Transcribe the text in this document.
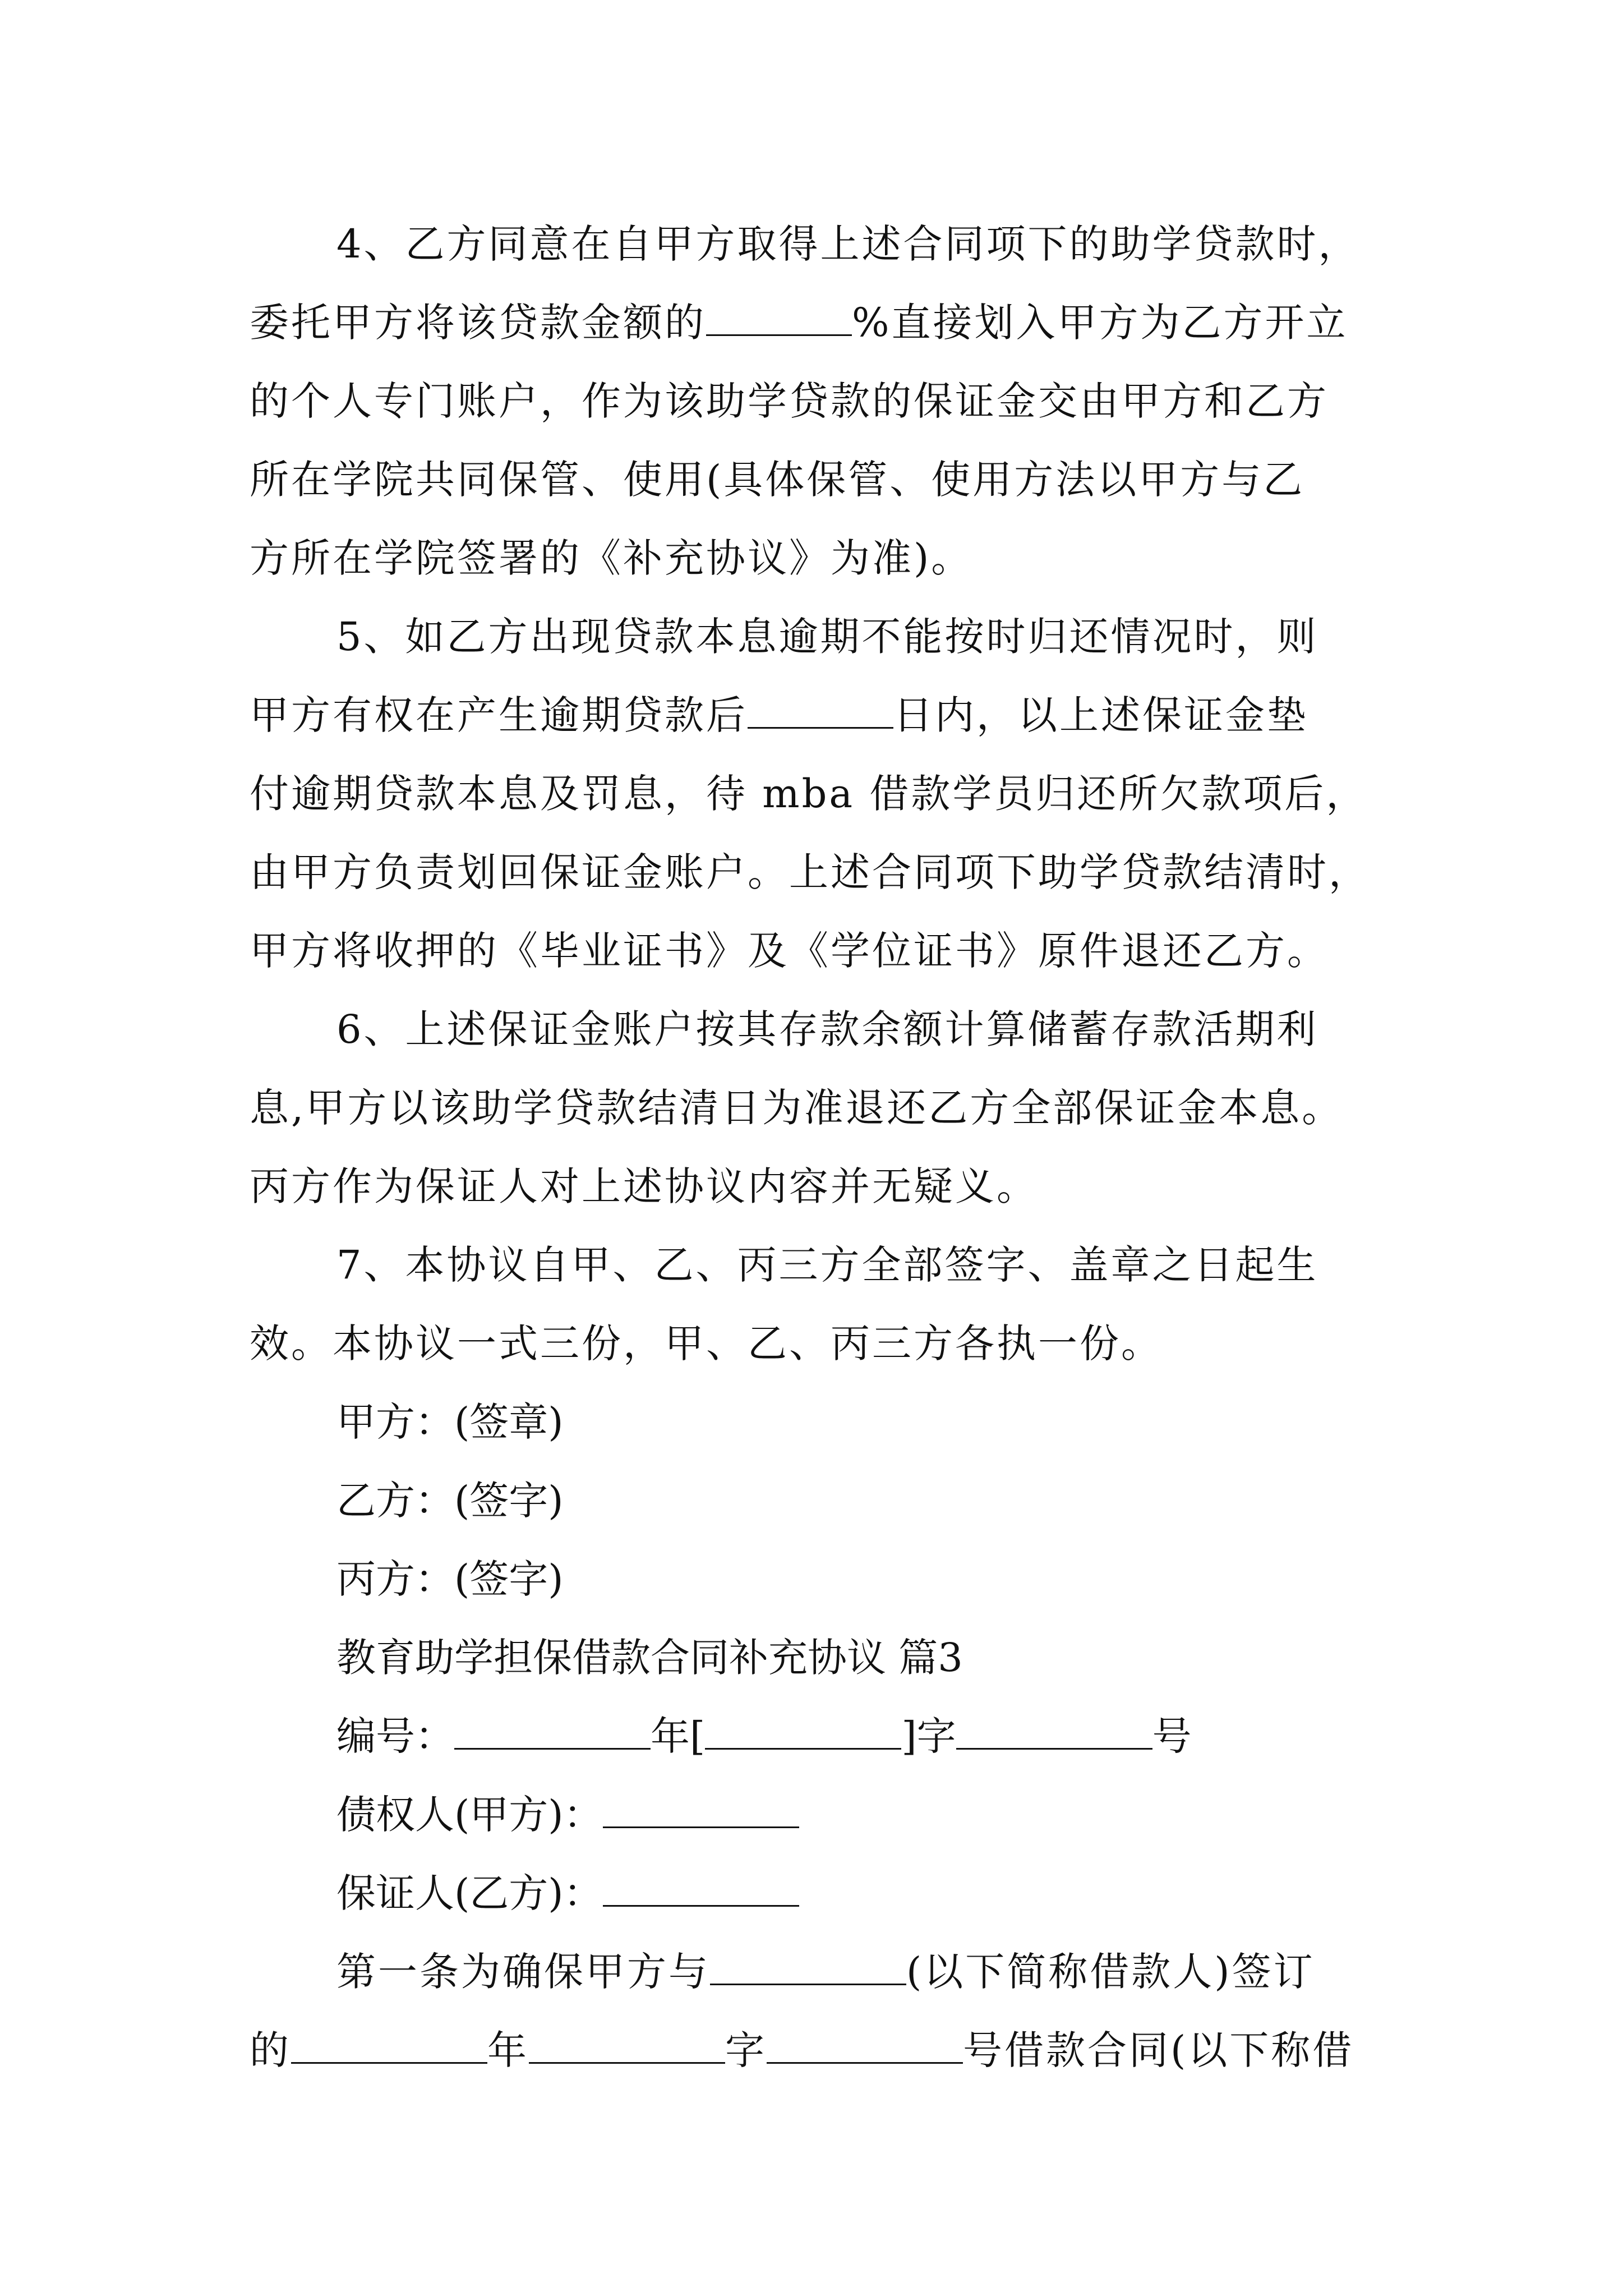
4、乙方同意在自甲方取得上述合同项下的助学贷款时，
委托甲方将该贷款金额的	%直接划入甲方为乙方开立
的个人专门账户，作为该助学贷款的保证金交由甲方和乙方
所在学院共同保管、使用(具体保管、使用方法以甲方与乙
方所在学院签署的《补充协议》为准)。
5、如乙方出现贷款本息逾期不能按时归还情况时，则
甲方有权在产生逾期贷款后	日内，以上述保证金垫
付逾期贷款本息及罚息，待 mba 借款学员归还所欠款项后，
由甲方负责划回保证金账户。上述合同项下助学贷款结清时，
甲方将收押的《毕业证书》及《学位证书》原件退还乙方。
6、上述保证金账户按其存款余额计算储蓄存款活期利
息,甲方以该助学贷款结清日为准退还乙方全部保证金本息。
丙方作为保证人对上述协议内容并无疑义。
7、本协议自甲、乙、丙三方全部签字、盖章之日起生
效。本协议一式三份，甲、乙、丙三方各执一份。
甲方：(签章)
乙方：(签字)
丙方：(签字)
教育助学担保借款合同补充协议 篇3
编号：	年[	]字	号
债权人(甲方)：
保证人(乙方)：
第一条为确保甲方与	(以下简称借款人)签订
的	年	字	号借款合同(以下称借
